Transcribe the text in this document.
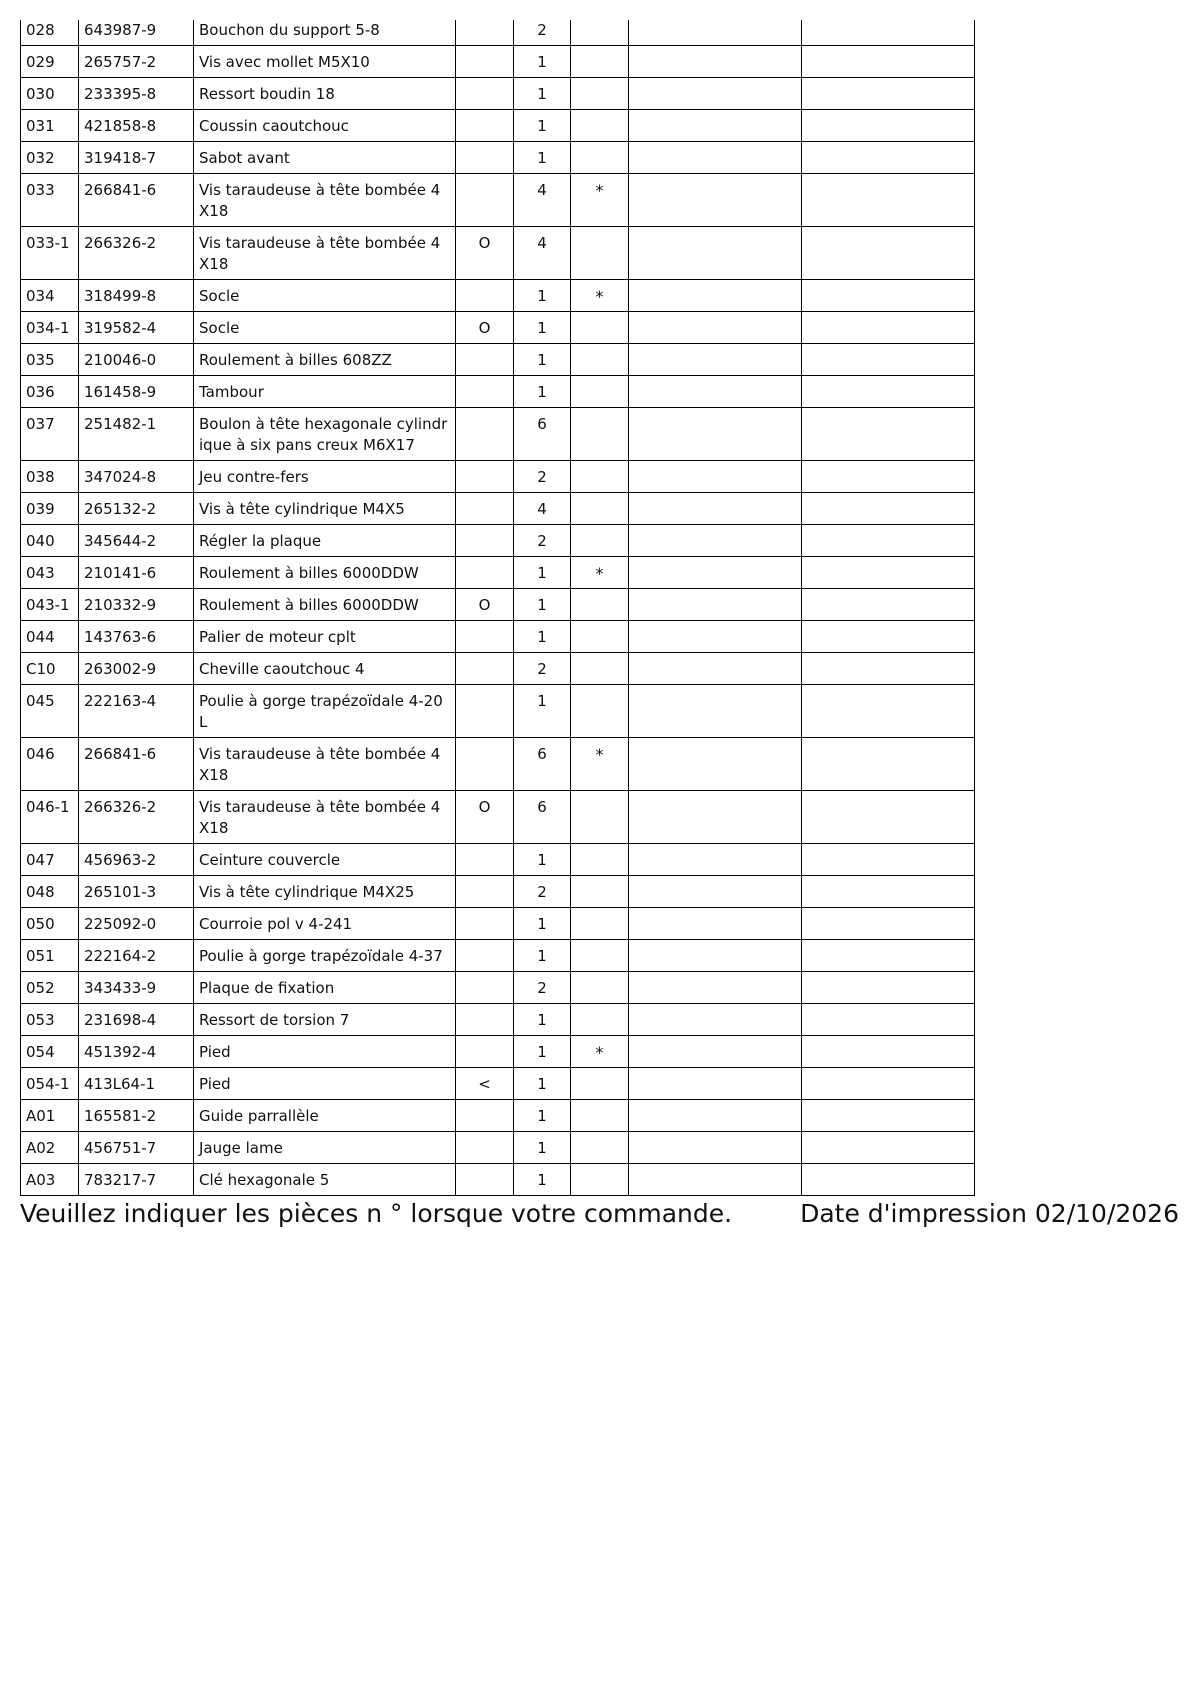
028	643987-9	Bouchon du support 5-8		2			
029	265757-2	Vis avec mollet M5X10		1			
030	233395-8	Ressort boudin 18		1			
031	421858-8	Coussin caoutchouc		1			
032	319418-7	Sabot avant		1			
033	266841-6	Vis taraudeuse à tête bombée 4X18		4	*		
033-1	266326-2	Vis taraudeuse à tête bombée 4X18	O	4			
034	318499-8	Socle		1	*		
034-1	319582-4	Socle	O	1			
035	210046-0	Roulement à billes 608ZZ		1			
036	161458-9	Tambour		1			
037	251482-1	Boulon à tête hexagonale cylindrique à six pans creux M6X17		6			
038	347024-8	Jeu contre-fers		2			
039	265132-2	Vis à tête cylindrique M4X5		4			
040	345644-2	Régler la plaque		2			
043	210141-6	Roulement à billes 6000DDW		1	*		
043-1	210332-9	Roulement à billes 6000DDW	O	1			
044	143763-6	Palier de moteur cplt		1			
C10	263002-9	Cheville caoutchouc 4		2			
045	222163-4	Poulie à gorge trapézoïdale 4-20L		1			
046	266841-6	Vis taraudeuse à tête bombée 4X18		6	*		
046-1	266326-2	Vis taraudeuse à tête bombée 4X18	O	6			
047	456963-2	Ceinture couvercle		1			
048	265101-3	Vis à tête cylindrique M4X25		2			
050	225092-0	Courroie pol v 4-241		1			
051	222164-2	Poulie à gorge trapézoïdale 4-37		1			
052	343433-9	Plaque de fixation		2			
053	231698-4	Ressort de torsion 7		1			
054	451392-4	Pied		1	*		
054-1	413L64-1	Pied	<	1			
A01	165581-2	Guide parrallèle		1			
A02	456751-7	Jauge lame		1			
A03	783217-7	Clé hexagonale 5		1			
Veuillez indiquer les pièces n ° lorsque votre commande.	Date d'impression 02/10/2026
